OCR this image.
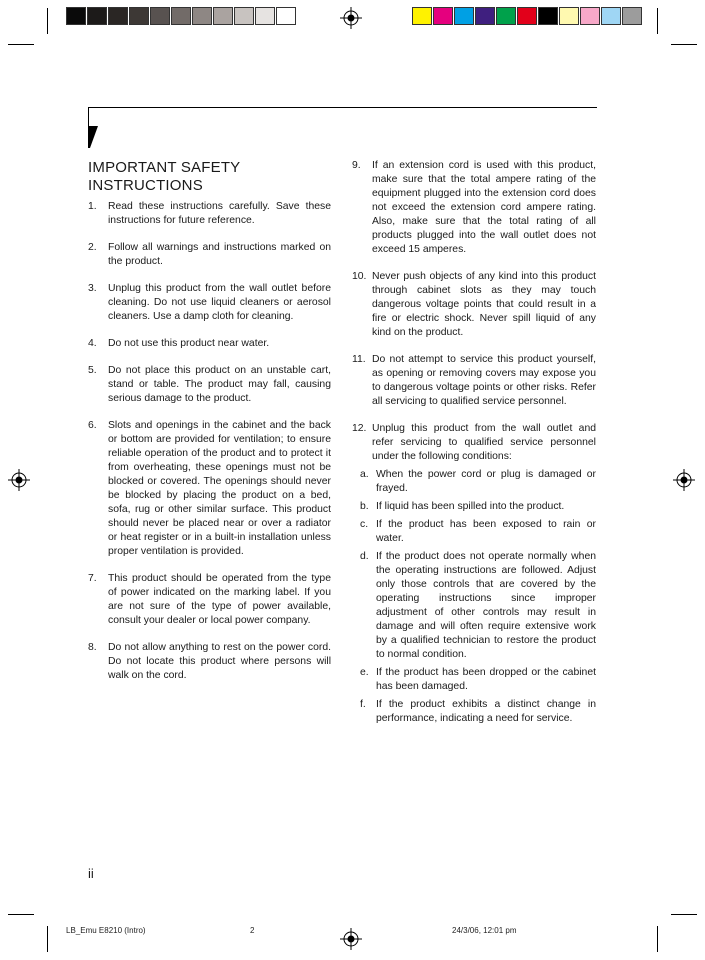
IMPORTANT SAFETY INSTRUCTIONS
1. Read these instructions carefully. Save these instructions for future reference.
2. Follow all warnings and instructions marked on the product.
3. Unplug this product from the wall outlet before cleaning. Do not use liquid cleaners or aerosol cleaners. Use a damp cloth for cleaning.
4. Do not use this product near water.
5. Do not place this product on an unstable cart, stand or table. The product may fall, causing serious damage to the product.
6. Slots and openings in the cabinet and the back or bottom are provided for ventilation; to ensure reliable operation of the product and to protect it from overheating, these openings must not be blocked or covered. The openings should never be blocked by placing the product on a bed, sofa, rug or other similar surface. This product should never be placed near or over a radiator or heat register or in a built-in installation unless proper ventilation is provided.
7. This product should be operated from the type of power indicated on the marking label. If you are not sure of the type of power available, consult your dealer or local power company.
8. Do not allow anything to rest on the power cord. Do not locate this product where persons will walk on the cord.
9. If an extension cord is used with this product, make sure that the total ampere rating of the equipment plugged into the extension cord does not exceed the extension cord ampere rating. Also, make sure that the total rating of all products plugged into the wall outlet does not exceed 15 amperes.
10. Never push objects of any kind into this product through cabinet slots as they may touch dangerous voltage points that could result in a fire or electric shock. Never spill liquid of any kind on the product.
11. Do not attempt to service this product yourself, as opening or removing covers may expose you to dangerous voltage points or other risks. Refer all servicing to qualified service personnel.
12. Unplug this product from the wall outlet and refer servicing to qualified service personnel under the following conditions:
a. When the power cord or plug is damaged or frayed.
b. If liquid has been spilled into the product.
c. If the product has been exposed to rain or water.
d. If the product does not operate normally when the operating instructions are followed. Adjust only those controls that are covered by the operating instructions since improper adjustment of other controls may result in damage and will often require extensive work by a qualified technician to restore the product to normal condition.
e. If the product has been dropped or the cabinet has been damaged.
f. If the product exhibits a distinct change in performance, indicating a need for service.
ii
LB_Emu E8210 (Intro)	2	24/3/06, 12:01 pm
